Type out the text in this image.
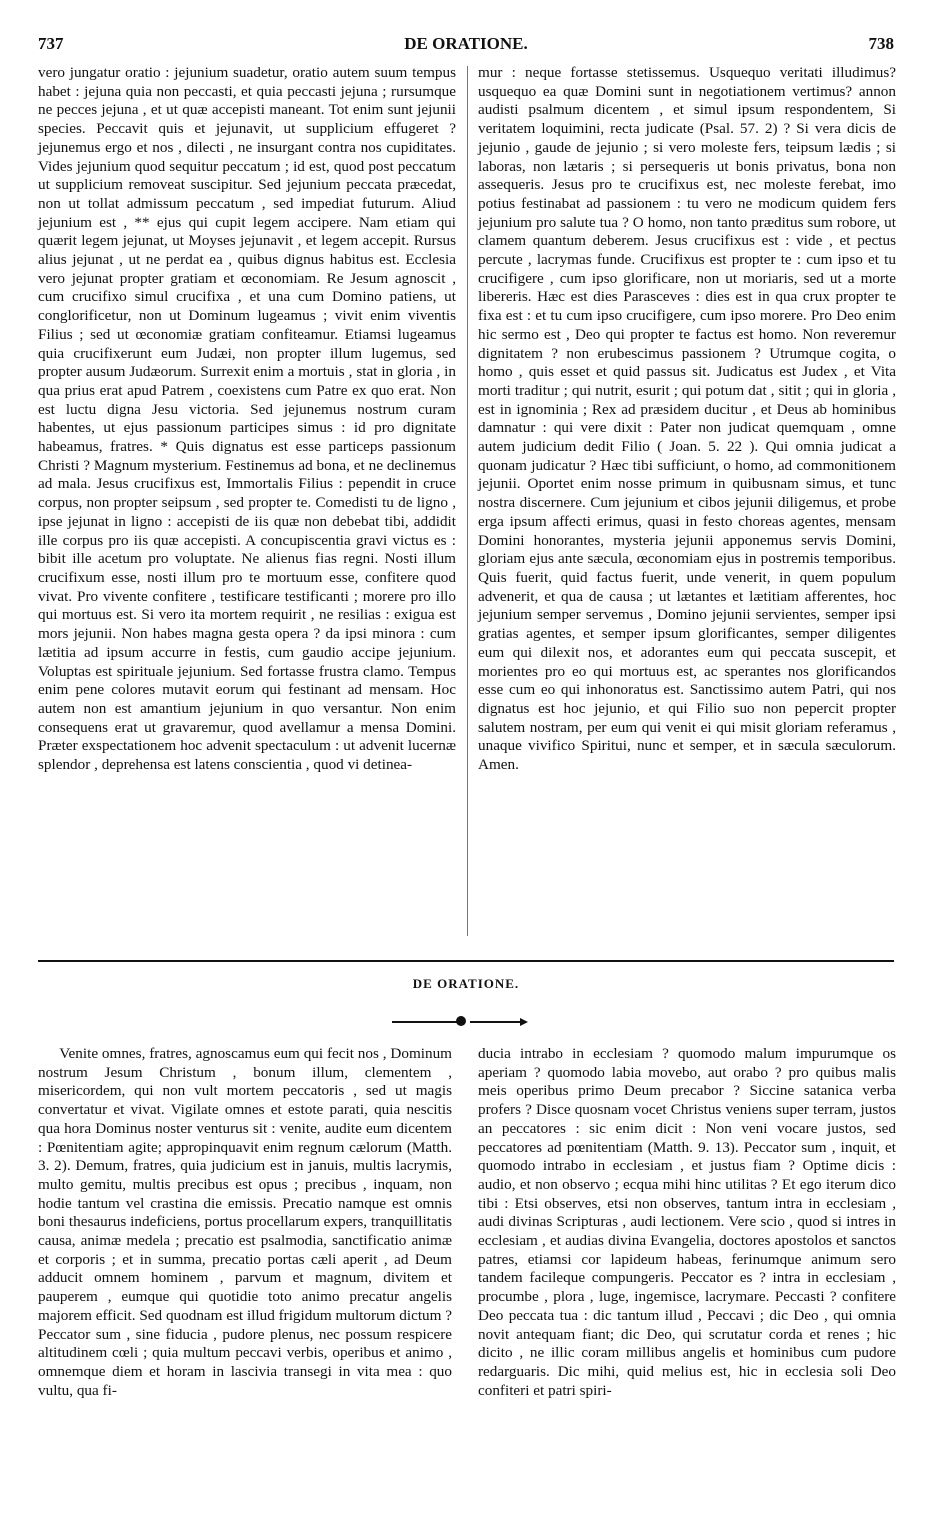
737	DE ORATIONE.	738

vero jungatur oratio : jejunium suadetur, oratio autem suum tempus habet : jejuna quia non peccasti, et quia peccasti jejuna ; rursumque ne pecces jejuna , et ut quæ accepisti maneant. Tot enim sunt jejunii species. Peccavit quis et jejunavit, ut supplicium effugeret ? jejunemus ergo et nos , dilecti , ne insurgant contra nos cupiditates. Vides jejunium quod sequitur peccatum ; id est, quod post peccatum ut supplicium removeat suscipitur. Sed jejunium peccata præcedat, non ut tollat admissum peccatum , sed impediat futurum. Aliud jejunium est , ** ejus qui cupit legem accipere. Nam etiam qui quærit legem jejunat, ut Moyses jejunavit , et legem accepit. Rursus alius jejunat , ut ne perdat ea , quibus dignus habitus est. Ecclesia vero jejunat propter gratiam et œconomiam. Re Jesum agnoscit , cum crucifixo simul crucifixa , et una cum Domino patiens, ut conglorificetur, non ut Dominum lugeamus ; vivit enim viventis Filius ; sed ut œconomiæ gratiam confiteamur. Etiamsi lugeamus quia crucifixerunt eum Judæi, non propter illum lugemus, sed propter ausum Judæorum. Surrexit enim a mortuis , stat in gloria , in qua prius erat apud Patrem , coexistens cum Patre ex quo erat. Non est luctu digna Jesu victoria. Sed jejunemus nostrum curam habentes, ut ejus passionum participes simus : id pro dignitate habeamus, fratres. * Quis dignatus est esse particeps passionum Christi ? Magnum mysterium. Festinemus ad bona, et ne declinemus ad mala. Jesus crucifixus est, Immortalis Filius : pependit in cruce corpus, non propter seipsum , sed propter te. Comedisti tu de ligno , ipse jejunat in ligno : accepisti de iis quæ non debebat tibi, addidit ille corpus pro iis quæ accepisti. A concupiscentia gravi victus es : bibit ille acetum pro voluptate. Ne alienus fias regni. Nosti illum crucifixum esse, nosti illum pro te mortuum esse, confitere quod vivat. Pro vivente confitere , testificare testificanti ; morere pro illo qui mortuus est. Si vero ita mortem requirit , ne resilias : exigua est mors jejunii. Non habes magna gesta opera ? da ipsi minora : cum lætitia ad ipsum accurre in festis, cum gaudio accipe jejunium. Voluptas est spirituale jejunium. Sed fortasse frustra clamo. Tempus enim pene colores mutavit eorum qui festinant ad mensam. Hoc autem non est amantium jejunium in quo versantur. Non enim consequens erat ut gravaremur, quod avellamur a mensa Domini. Præter exspectationem hoc advenit spectaculum : ut advenit lucernæ splendor , deprehensa est latens conscientia , quod vi detinea-

mur : neque fortasse stetissemus. Usquequo veritati illudimus? usquequo ea quæ Domini sunt in negotiationem vertimus? annon audisti psalmum dicentem , et simul ipsum respondentem, Si veritatem loquimini, recta judicate (Psal. 57. 2) ? Si vera dicis de jejunio , gaude de jejunio ; si vero moleste fers, teipsum lædis ; si laboras, non lætaris ; si persequeris ut bonis privatus, bona non assequeris. Jesus pro te crucifixus est, nec moleste ferebat, imo potius festinabat ad passionem : tu vero ne modicum quidem fers jejunium pro salute tua ? O homo, non tanto præditus sum robore, ut clamem quantum deberem. Jesus crucifixus est : vide , et pectus percute , lacrymas funde. Crucifixus est propter te : cum ipso et tu crucifigere , cum ipso glorificare, non ut moriaris, sed ut a morte libereris. Hæc est dies Parasceves : dies est in qua crux propter te fixa est : et tu cum ipso crucifigere, cum ipso morere. Pro Deo enim hic sermo est , Deo qui propter te factus est homo. Non reveremur dignitatem ? non erubescimus passionem ? Utrumque cogita, o homo , quis esset et quid passus sit. Judicatus est Judex , et Vita morti traditur ; qui nutrit, esurit ; qui potum dat , sitit ; qui in gloria , est in ignominia ; Rex ad præsidem ducitur , et Deus ab hominibus damnatur : qui vere dixit : Pater non judicat quemquam , omne autem judicium dedit Filio ( Joan. 5. 22 ). Qui omnia judicat a quonam judicatur ? Hæc tibi sufficiunt, o homo, ad commonitionem jejunii. Oportet enim nosse primum in quibusnam simus, et tunc nostra discernere. Cum jejunium et cibos jejunii diligemus, et probe erga ipsum affecti erimus, quasi in festo choreas agentes, mensam Domini honorantes, mysteria jejunii apponemus servis Domini, gloriam ejus ante sæcula, œconomiam ejus in postremis temporibus. Quis fuerit, quid factus fuerit, unde venerit, in quem populum advenerit, et qua de causa ; ut lætantes et lætitiam afferentes, hoc jejunium semper servemus , Domino jejunii servientes, semper ipsi gratias agentes, et semper ipsum glorificantes, semper diligentes eum qui dilexit nos, et adorantes eum qui peccata suscepit, et morientes pro eo qui mortuus est, ac sperantes nos glorificandos esse cum eo qui inhonoratus est. Sanctissimo autem Patri, qui nos dignatus est hoc jejunio, et qui Filio suo non pepercit propter salutem nostram, per eum qui venit ei qui misit gloriam referamus , unaque vivifico Spiritui, nunc et semper, et in sæcula sæculorum. Amen.

DE ORATIONE.

Venite omnes, fratres, agnoscamus eum qui fecit nos , Dominum nostrum Jesum Christum , bonum illum, clementem , misericordem, qui non vult mortem peccatoris , sed ut magis convertatur et vivat. Vigilate omnes et estote parati, quia nescitis qua hora Dominus noster venturus sit : venite, audite eum dicentem : Pœnitentiam agite; appropinquavit enim regnum cælorum (Matth. 3. 2). Demum, fratres, quia judicium est in januis, multis lacrymis, multo gemitu, multis precibus est opus ; precibus , inquam, non hodie tantum vel crastina die emissis. Precatio namque est omnis boni thesaurus indeficiens, portus procellarum expers, tranquillitatis causa, animæ medela ; precatio est psalmodia, sanctificatio animæ et corporis ; et in summa, precatio portas cæli aperit , ad Deum adducit omnem hominem , parvum et magnum, divitem et pauperem , eumque qui quotidie toto animo precatur angelis majorem efficit. Sed quodnam est illud frigidum multorum dictum ? Peccator sum , sine fiducia , pudore plenus, nec possum respicere altitudinem cœli ; quia multum peccavi verbis, operibus et animo , omnemque diem et horam in lascivia transegi in vita mea : quo vultu, qua fi-

ducia intrabo in ecclesiam ? quomodo malum impurumque os aperiam ? quomodo labia movebo, aut orabo ? pro quibus malis meis operibus primo Deum precabor ? Siccine satanica verba profers ? Disce quosnam vocet Christus veniens super terram, justos an peccatores : sic enim dicit : Non veni vocare justos, sed peccatores ad pœnitentiam (Matth. 9. 13). Peccator sum , inquit, et quomodo intrabo in ecclesiam , et justus fiam ? Optime dicis : audio, et non observo ; ecqua mihi hinc utilitas ? Et ego iterum dico tibi : Etsi observes, etsi non observes, tantum intra in ecclesiam , audi divinas Scripturas , audi lectionem. Vere scio , quod si intres in ecclesiam , et audias divina Evangelia, doctores apostolos et sanctos patres, etiamsi cor lapideum habeas, ferinumque animum sero tandem facileque compungeris. Peccator es ? intra in ecclesiam , procumbe , plora , luge, ingemisce, lacrymare. Peccasti ? confitere Deo peccata tua : dic tantum illud , Peccavi ; dic Deo , qui omnia novit antequam fiant; dic Deo, qui scrutatur corda et renes ; hic dicito , ne illic coram millibus angelis et hominibus cum pudore redarguaris. Dic mihi, quid melius est, hic in ecclesia soli Deo confiteri et patri spiri-
